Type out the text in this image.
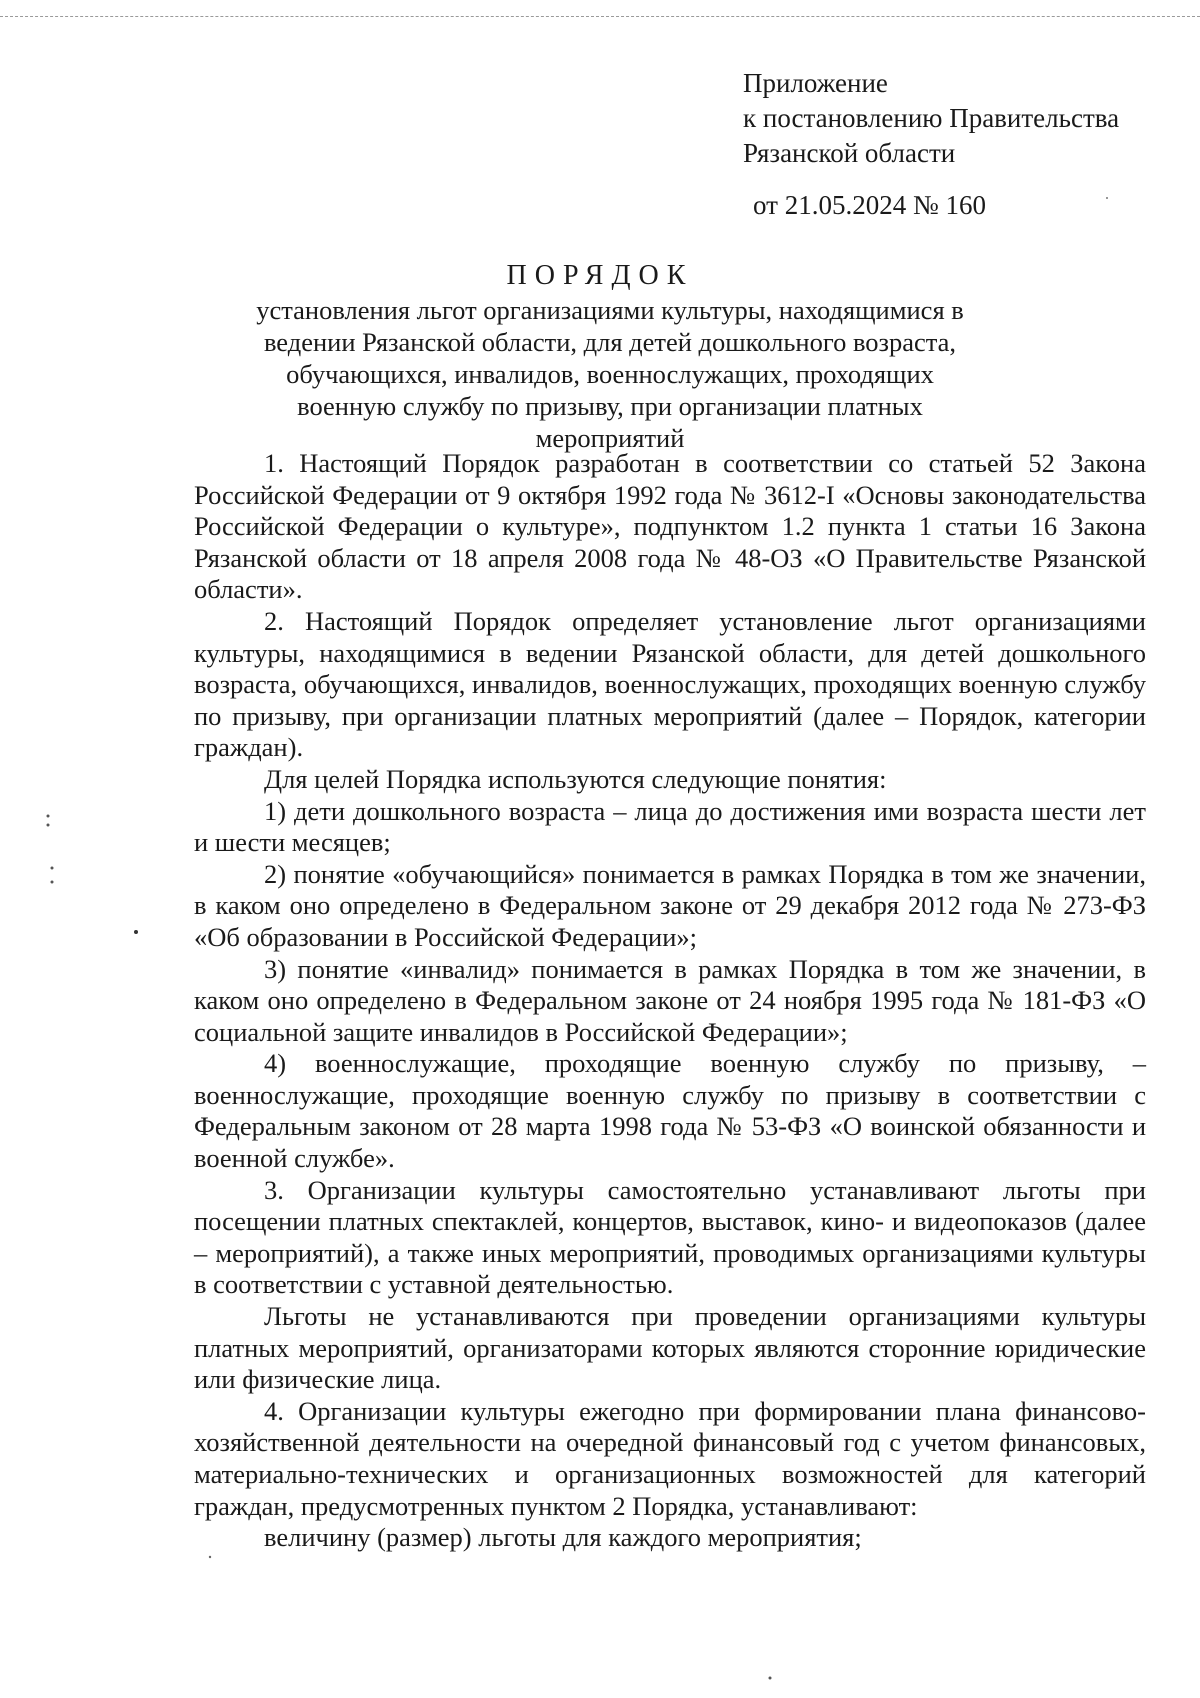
Приложение
к постановлению Правительства
Рязанской области
от 21.05.2024 № 160
ПОРЯДОК
установления льгот организациями культуры, находящимися в ведении Рязанской области, для детей дошкольного возраста, обучающихся, инвалидов, военнослужащих, проходящих военную службу по призыву, при организации платных мероприятий

1. Настоящий Порядок разработан в соответствии со статьей 52 Закона Российской Федерации от 9 октября 1992 года № 3612-I «Основы законодательства Российской Федерации о культуре», подпунктом 1.2 пункта 1 статьи 16 Закона Рязанской области от 18 апреля 2008 года № 48-ОЗ «О Правительстве Рязанской области».

2. Настоящий Порядок определяет установление льгот организациями культуры, находящимися в ведении Рязанской области, для детей дошкольного возраста, обучающихся, инвалидов, военнослужащих, проходящих военную службу по призыву, при организации платных мероприятий (далее – Порядок, категории граждан).

Для целей Порядка используются следующие понятия:

1) дети дошкольного возраста – лица до достижения ими возраста шести лет и шести месяцев;

2) понятие «обучающийся» понимается в рамках Порядка в том же значении, в каком оно определено в Федеральном законе от 29 декабря 2012 года № 273-ФЗ «Об образовании в Российской Федерации»;

3) понятие «инвалид» понимается в рамках Порядка в том же значении, в каком оно определено в Федеральном законе от 24 ноября 1995 года № 181-ФЗ «О социальной защите инвалидов в Российской Федерации»;

4) военнослужащие, проходящие военную службу по призыву, – военнослужащие, проходящие военную службу по призыву в соответствии с Федеральным законом от 28 марта 1998 года № 53-ФЗ «О воинской обязанности и военной службе».

3. Организации культуры самостоятельно устанавливают льготы при посещении платных спектаклей, концертов, выставок, кино- и видеопоказов (далее – мероприятий), а также иных мероприятий, проводимых организациями культуры в соответствии с уставной деятельностью.

Льготы не устанавливаются при проведении организациями культуры платных мероприятий, организаторами которых являются сторонние юридические или физические лица.

4. Организации культуры ежегодно при формировании плана финансово-хозяйственной деятельности на очередной финансовый год с учетом финансовых, материально-технических и организационных возможностей для категорий граждан, предусмотренных пунктом 2 Порядка, устанавливают:

величину (размер) льготы для каждого мероприятия;
